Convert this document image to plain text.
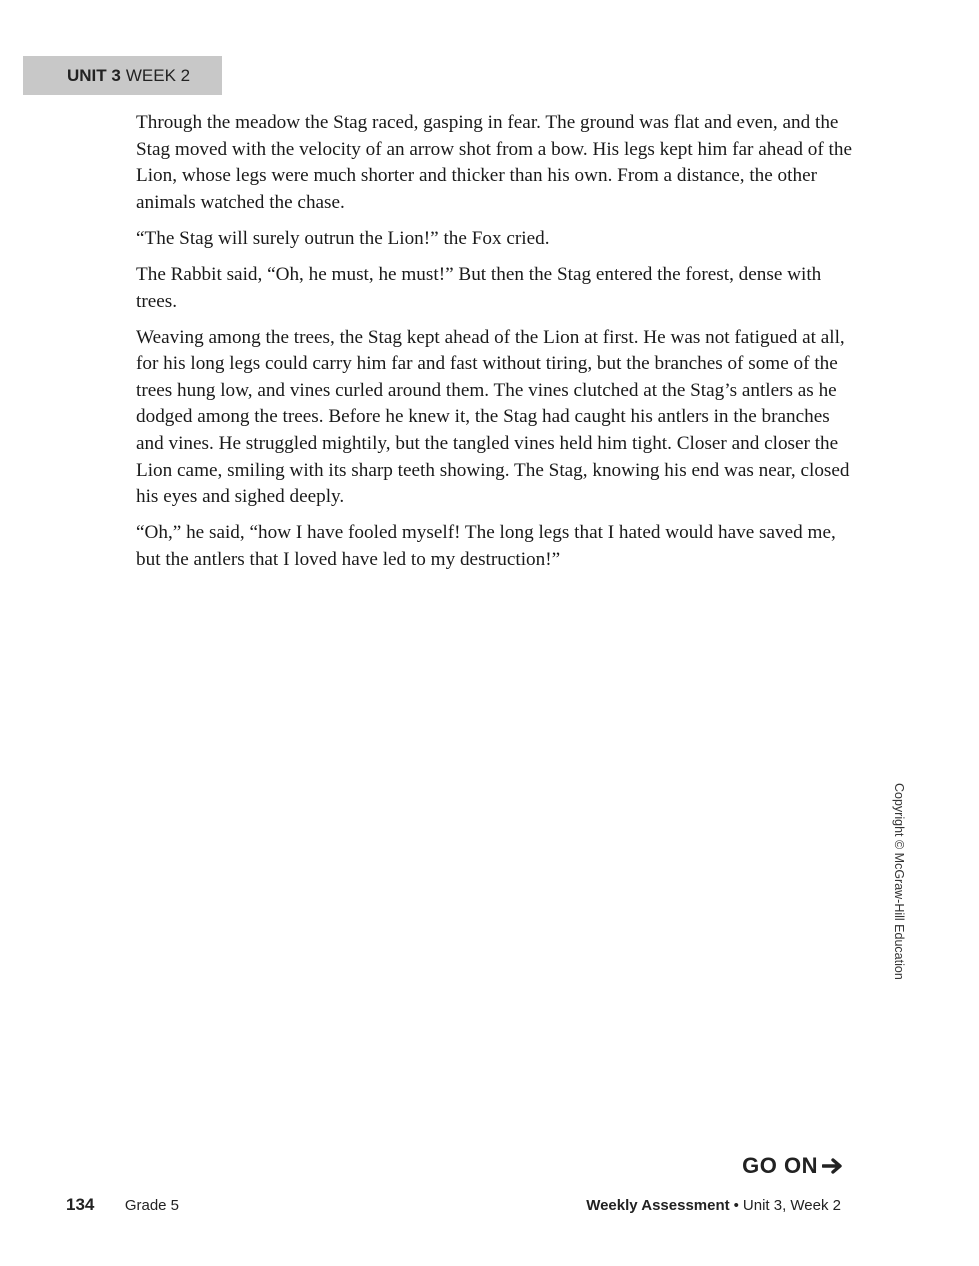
UNIT 3 WEEK 2

Through the meadow the Stag raced, gasping in fear. The ground was flat and even, and the Stag moved with the velocity of an arrow shot from a bow. His legs kept him far ahead of the Lion, whose legs were much shorter and thicker than his own. From a distance, the other animals watched the chase.

“The Stag will surely outrun the Lion!” the Fox cried.

The Rabbit said, “Oh, he must, he must!” But then the Stag entered the forest, dense with trees.

Weaving among the trees, the Stag kept ahead of the Lion at first. He was not fatigued at all, for his long legs could carry him far and fast without tiring, but the branches of some of the trees hung low, and vines curled around them. The vines clutched at the Stag’s antlers as he dodged among the trees. Before he knew it, the Stag had caught his antlers in the branches and vines. He struggled mightily, but the tangled vines held him tight. Closer and closer the Lion came, smiling with its sharp teeth showing. The Stag, knowing his end was near, closed his eyes and sighed deeply.

“Oh,” he said, “how I have fooled myself! The long legs that I hated would have saved me, but the antlers that I loved have led to my destruction!”

Copyright © McGraw-Hill Education
GO ON
134 Grade 5	Weekly Assessment • Unit 3, Week 2
